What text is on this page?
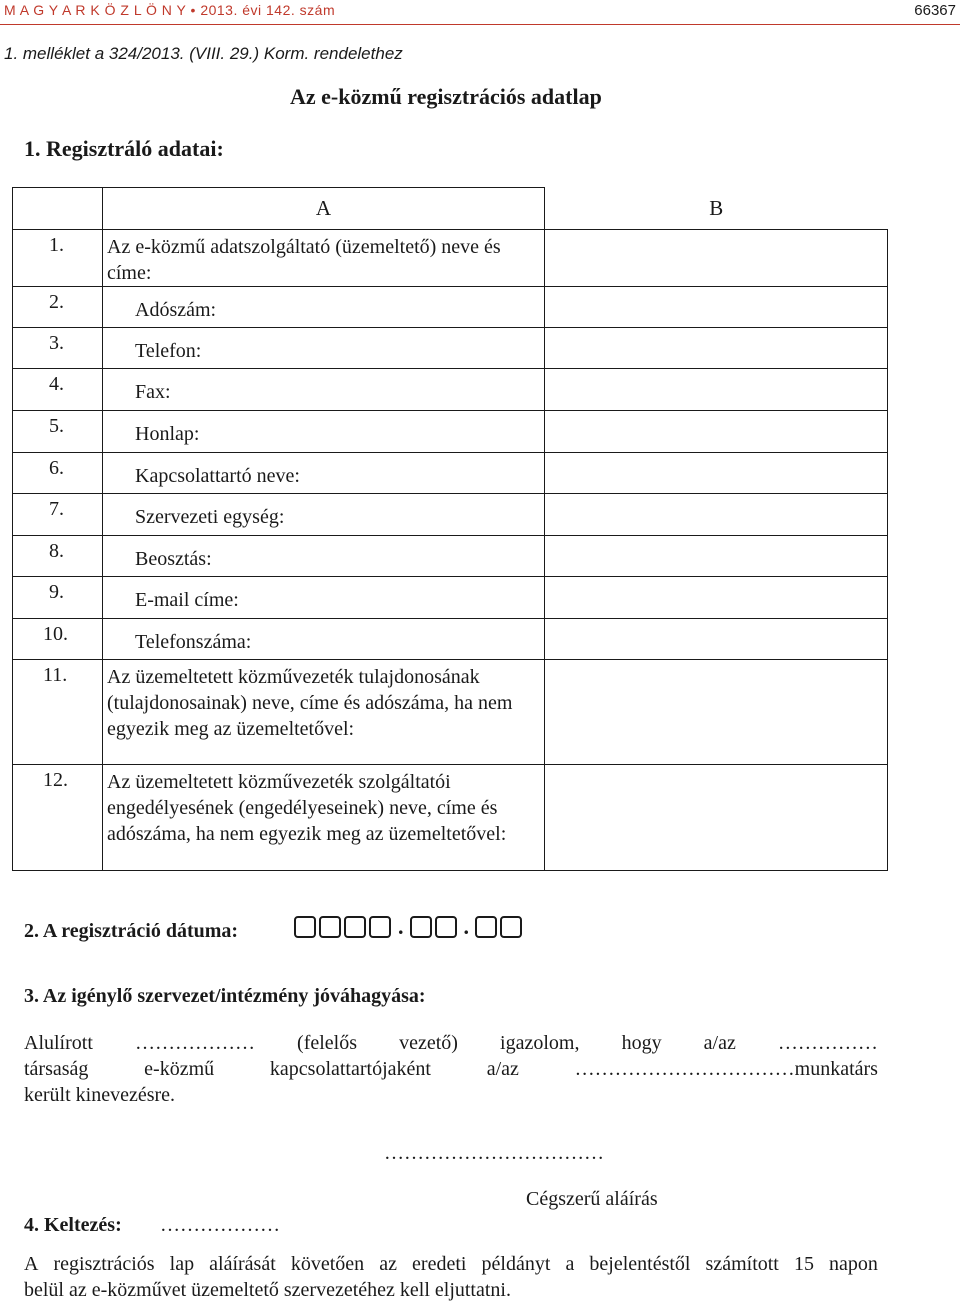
M A G Y A R K Ö Z L Ö N Y • 2013. évi 142. szám	66367
1. melléklet a 324/2013. (VIII. 29.) Korm. rendelethez
Az e-közmű regisztrációs adatlap
1. Regisztráló adatai:
	A	B
1.	Az e-közmű adatszolgáltató (üzemeltető) neve és címe:	
2.	Adószám:	
3.	Telefon:	
4.	Fax:	
5.	Honlap:	
6.	Kapcsolattartó neve:	
7.	Szervezeti egység:	
8.	Beosztás:	
9.	E-mail címe:	
10.	Telefonszáma:	
11.	Az üzemeltetett közművezeték tulajdonosának (tulajdonosainak) neve, címe és adószáma, ha nem egyezik meg az üzemeltetővel:	
12.	Az üzemeltetett közművezeték szolgáltatói engedélyesének (engedélyeseinek) neve, címe és adószáma, ha nem egyezik meg az üzemeltetővel:	
2. A regisztráció dátuma:	.	.
3. Az igénylő szervezet/intézmény jóváhagyása:
Alulírott ……………… (felelős vezető) igazolom, hogy a/az ……………
társaság	e-közmű	kapcsolattartójaként	a/az	……………………………munkatárs
került kinevezésre.
……………………………
Cégszerű aláírás
4. Keltezés: ………………
A regisztrációs lap aláírását követően az eredeti példányt a bejelentéstől számított 15 napon
belül az e-közművet üzemeltető szervezetéhez kell eljuttatni.
